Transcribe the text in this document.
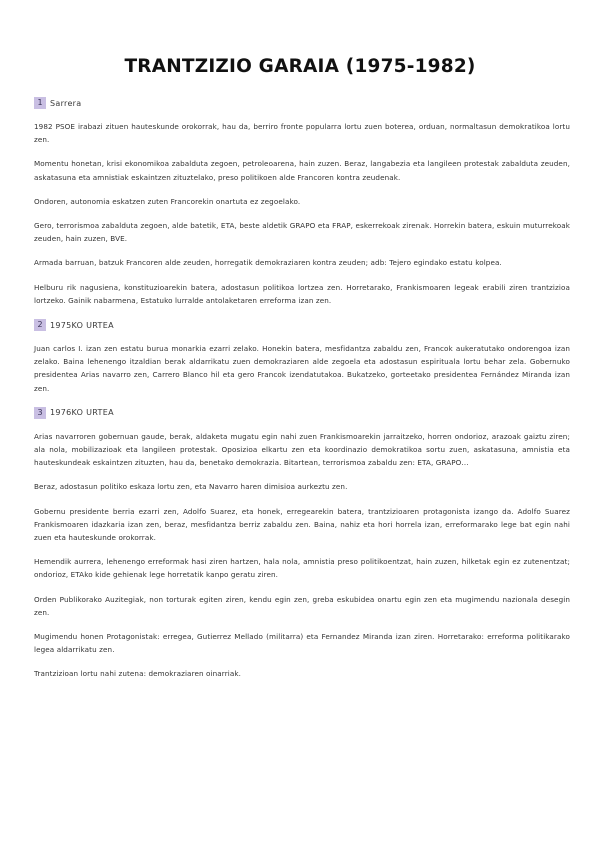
TRANTZIZIO GARAIA (1975-1982)
1 Sarrera

1982 PSOE irabazi zituen hauteskunde orokorrak, hau da, berriro fronte popularra lortu zuen boterea, orduan, normaltasun demokratikoa lortu zen.

Momentu honetan, krisi ekonomikoa zabalduta zegoen, petroleoarena, hain zuzen. Beraz, langabezia eta langileen protestak zabalduta zeuden, askatasuna eta amnistiak eskaintzen zituztelako, preso politikoen alde Francoren kontra zeudenak.

Ondoren, autonomia eskatzen zuten Francorekin onartuta ez zegoelako.

Gero, terrorismoa zabalduta zegoen, alde batetik, ETA, beste aldetik GRAPO eta FRAP, eskerrekoak zirenak. Horrekin batera, eskuin muturrekoak zeuden, hain zuzen, BVE.

Armada barruan, batzuk Francoren alde zeuden, horregatik demokraziaren kontra zeuden; adb: Tejero egindako estatu kolpea.

Helburu rik nagusiena, konstituzioarekin batera, adostasun politikoa lortzea zen. Horretarako, Frankismoaren legeak erabili ziren trantzizioa lortzeko. Gainik nabarmena, Estatuko lurralde antolaketaren erreforma izan zen.

2 1975KO URTEA

Juan carlos I. izan zen estatu burua monarkia ezarri zelako. Honekin batera, mesfidantza zabaldu zen, Francok aukeratutako ondorengoa izan zelako. Baina lehenengo itzaldian berak aldarrikatu zuen demokraziaren alde zegoela eta adostasun espirituala lortu behar zela. Gobernuko presidentea Arias navarro zen, Carrero Blanco hil eta gero Francok izendatutakoa. Bukatzeko, gorteetako presidentea Fernández Miranda izan zen.

3 1976KO URTEA

Arias navarroren gobernuan gaude, berak, aldaketa mugatu egin nahi zuen Frankismoarekin jarraitzeko, horren ondorioz, arazoak gaiztu ziren; ala nola, mobilizazioak eta langileen protestak. Oposizioa elkartu zen eta koordinazio demokratikoa sortu zuen, askatasuna, amnistia eta hauteskundeak eskaintzen zituzten, hau da, benetako demokrazia. Bitartean, terrorismoa zabaldu zen: ETA, GRAPO…

Beraz, adostasun politiko eskaza lortu zen, eta Navarro haren dimisioa aurkeztu zen.

Gobernu presidente berria ezarri zen, Adolfo Suarez, eta honek, erregearekin batera, trantzizioaren protagonista izango da. Adolfo Suarez Frankismoaren idazkaria izan zen, beraz, mesfidantza berriz zabaldu zen. Baina, nahiz eta hori horrela izan, erreformarako lege bat egin nahi zuen eta hauteskunde orokorrak.

Hemendik aurrera, lehenengo erreformak hasi ziren hartzen, hala nola, amnistia preso politikoentzat, hain zuzen, hilketak egin ez zutenentzat; ondorioz, ETAko kide gehienak lege horretatik kanpo geratu ziren.

Orden Publikorako Auzitegiak, non torturak egiten ziren, kendu egin zen, greba eskubidea onartu egin zen eta mugimendu nazionala desegin zen.

Mugimendu honen Protagonistak: erregea, Gutierrez Mellado (militarra) eta Fernandez Miranda izan ziren. Horretarako: erreforma politikarako legea aldarrikatu zen.

Trantzizioan lortu nahi zutena: demokraziaren oinarriak.
